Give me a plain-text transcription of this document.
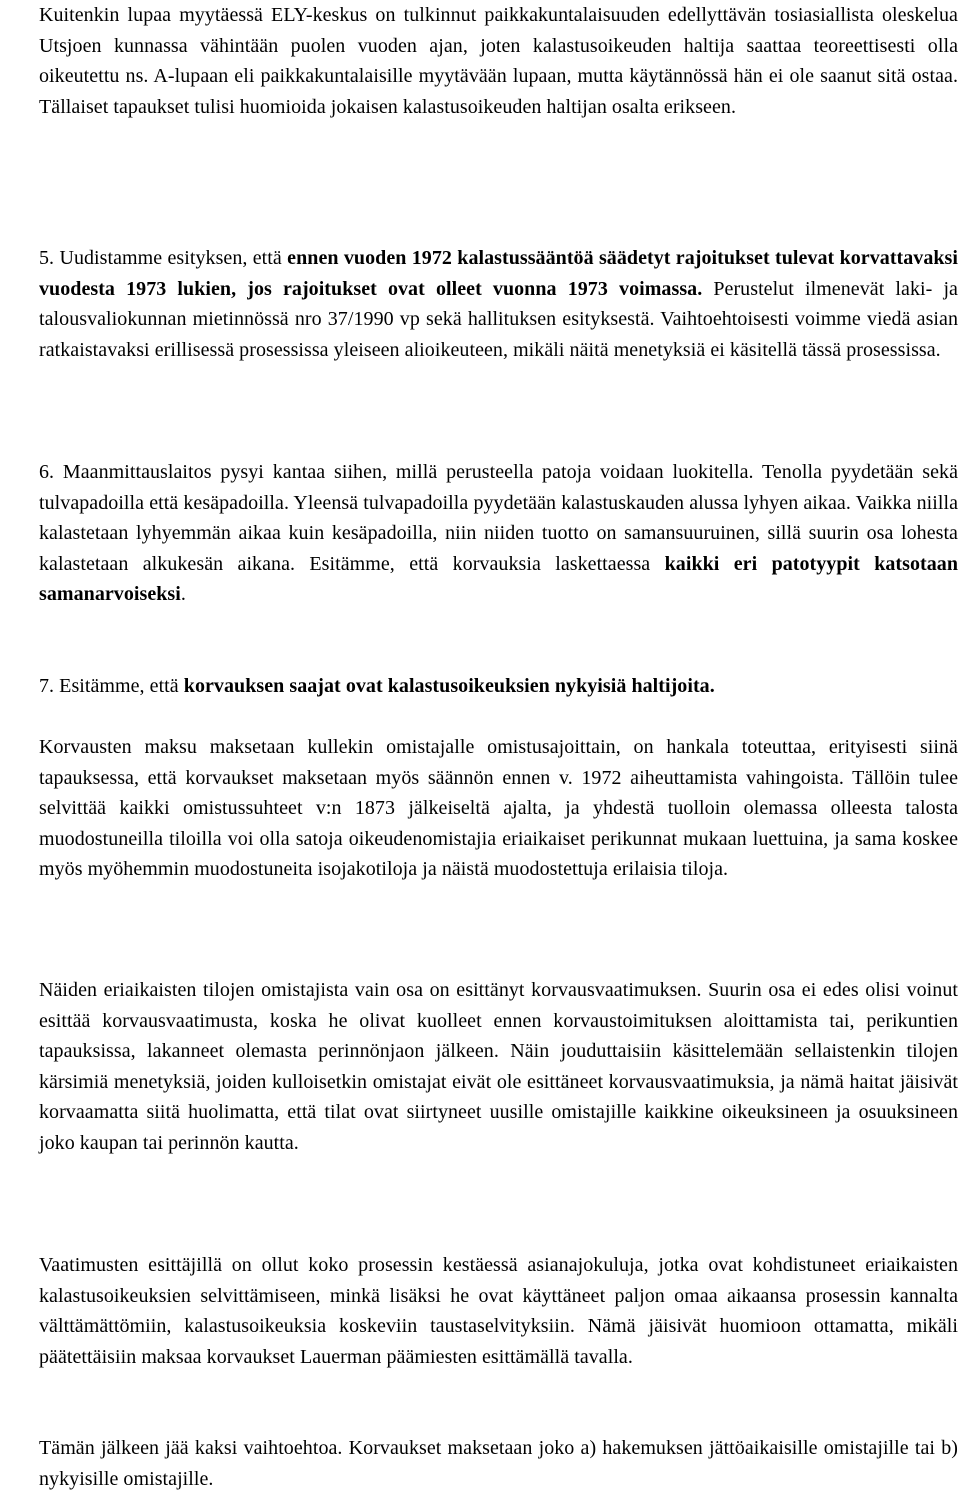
Kuitenkin lupaa myytäessä ELY-keskus on tulkinnut paikkakuntalaisuuden edellyttävän tosiasiallista oleskelua Utsjoen kunnassa vähintään puolen vuoden ajan, joten kalastusoikeuden haltija saattaa teoreettisesti olla oikeutettu ns. A-lupaan eli paikkakuntalaisille myytävään lupaan, mutta käytännössä hän ei ole saanut sitä ostaa. Tällaiset tapaukset tulisi huomioida jokaisen kalastusoikeuden haltijan osalta erikseen.

5. Uudistamme esityksen, että ennen vuoden 1972 kalastussääntöä säädetyt rajoitukset tulevat korvattavaksi vuodesta 1973 lukien, jos rajoitukset ovat olleet vuonna 1973 voimassa. Perustelut ilmenevät laki- ja talousvaliokunnan mietinnössä nro 37/1990 vp sekä hallituksen esityksestä. Vaihtoehtoisesti voimme viedä asian ratkaistavaksi erillisessä prosessissa yleiseen alioikeuteen, mikäli näitä menetyksiä ei käsitellä tässä prosessissa.

6. Maanmittauslaitos pysyi kantaa siihen, millä perusteella patoja voidaan luokitella. Tenolla pyydetään sekä tulvapadoilla että kesäpadoilla. Yleensä tulvapadoilla pyydetään kalastuskauden alussa lyhyen aikaa. Vaikka niilla kalastetaan lyhyemmän aikaa kuin kesäpadoilla, niin niiden tuotto on samansuuruinen, sillä suurin osa lohesta kalastetaan alkukesän aikana. Esitämme, että korvauksia laskettaessa kaikki eri patotyypit katsotaan samanarvoiseksi.

7. Esitämme, että korvauksen saajat ovat kalastusoikeuksien nykyisiä haltijoita.

Korvausten maksu maksetaan kullekin omistajalle omistusajoittain, on hankala toteuttaa, erityisesti siinä tapauksessa, että korvaukset maksetaan myös säännön ennen v. 1972 aiheuttamista vahingoista. Tällöin tulee selvittää kaikki omistussuhteet v:n 1873 jälkeiseltä ajalta, ja yhdestä tuolloin olemassa olleesta talosta muodostuneilla tiloilla voi olla satoja oikeudenomistajia eriaikaiset perikunnat mukaan luettuina, ja sama koskee myös myöhemmin muodostuneita isojakotiloja ja näistä muodostettuja erilaisia tiloja.

Näiden eriaikaisten tilojen omistajista vain osa on esittänyt korvausvaatimuksen. Suurin osa ei edes olisi voinut esittää korvausvaatimusta, koska he olivat kuolleet ennen korvaustoimituksen aloittamista tai, perikuntien tapauksissa, lakanneet olemasta perinnönjaon jälkeen. Näin jouduttaisiin käsittelemään sellaistenkin tilojen kärsimiä menetyksiä, joiden kulloisetkin omistajat eivät ole esittäneet korvausvaatimuksia, ja nämä haitat jäisivät korvaamatta siitä huolimatta, että tilat ovat siirtyneet uusille omistajille kaikkine oikeuksineen ja osuuksineen joko kaupan tai perinnön kautta.

Vaatimusten esittäjillä on ollut koko prosessin kestäessä asianajokuluja, jotka ovat kohdistuneet eriaikaisten kalastusoikeuksien selvittämiseen, minkä lisäksi he ovat käyttäneet paljon omaa aikaansa prosessin kannalta välttämättömiin, kalastusoikeuksia koskeviin taustaselvityksiin. Nämä jäisivät huomioon ottamatta, mikäli päätettäisiin maksaa korvaukset Lauerman päämiesten esittämällä tavalla.

Tämän jälkeen jää kaksi vaihtoehtoa. Korvaukset maksetaan joko a) hakemuksen jättöaikaisille omistajille tai b) nykyisille omistajille.
